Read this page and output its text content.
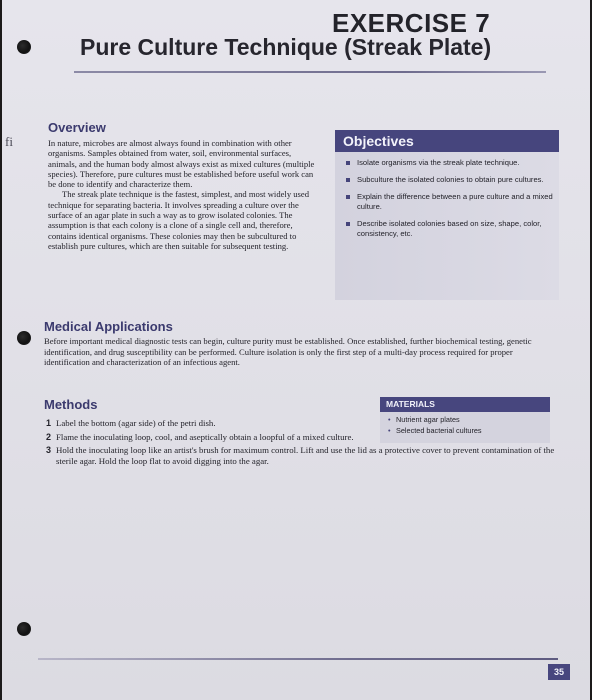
EXERCISE 7
Pure Culture Technique (Streak Plate)
fi
Overview

In nature, microbes are almost always found in combination with other organisms. Samples obtained from water, soil, environmental surfaces, animals, and the human body almost always exist as mixed cultures (multiple species). Therefore, pure cultures must be established before useful work can be done to identify and characterize them.

The streak plate technique is the fastest, simplest, and most widely used technique for separating bacteria. It involves spreading a culture over the surface of an agar plate in such a way as to grow isolated colonies. The assumption is that each colony is a clone of a single cell and, therefore, contains identical organisms. These colonies may then be subcultured to establish pure cultures, which are then suitable for subsequent testing.

Objectives
Isolate organisms via the streak plate technique.
Subculture the isolated colonies to obtain pure cultures.
Explain the difference between a pure culture and a mixed culture.
Describe isolated colonies based on size, shape, color, consistency, etc.
Medical Applications
Before important medical diagnostic tests can begin, culture purity must be established. Once established, further biochemical testing, genetic identification, and drug susceptibility can be performed. Culture isolation is only the first step of a multi-day process required for proper identification and characterization of an infectious agent.
Methods	MATERIALS
• Nutrient agar plates
• Selected bacterial cultures
1 Label the bottom (agar side) of the petri dish.
2 Flame the inoculating loop, cool, and aseptically obtain a loopful of a mixed culture.
3 Hold the inoculating loop like an artist's brush for maximum control. Lift and use the lid as a protective cover to prevent contamination of the sterile agar. Hold the loop flat to avoid digging into the agar.
35
